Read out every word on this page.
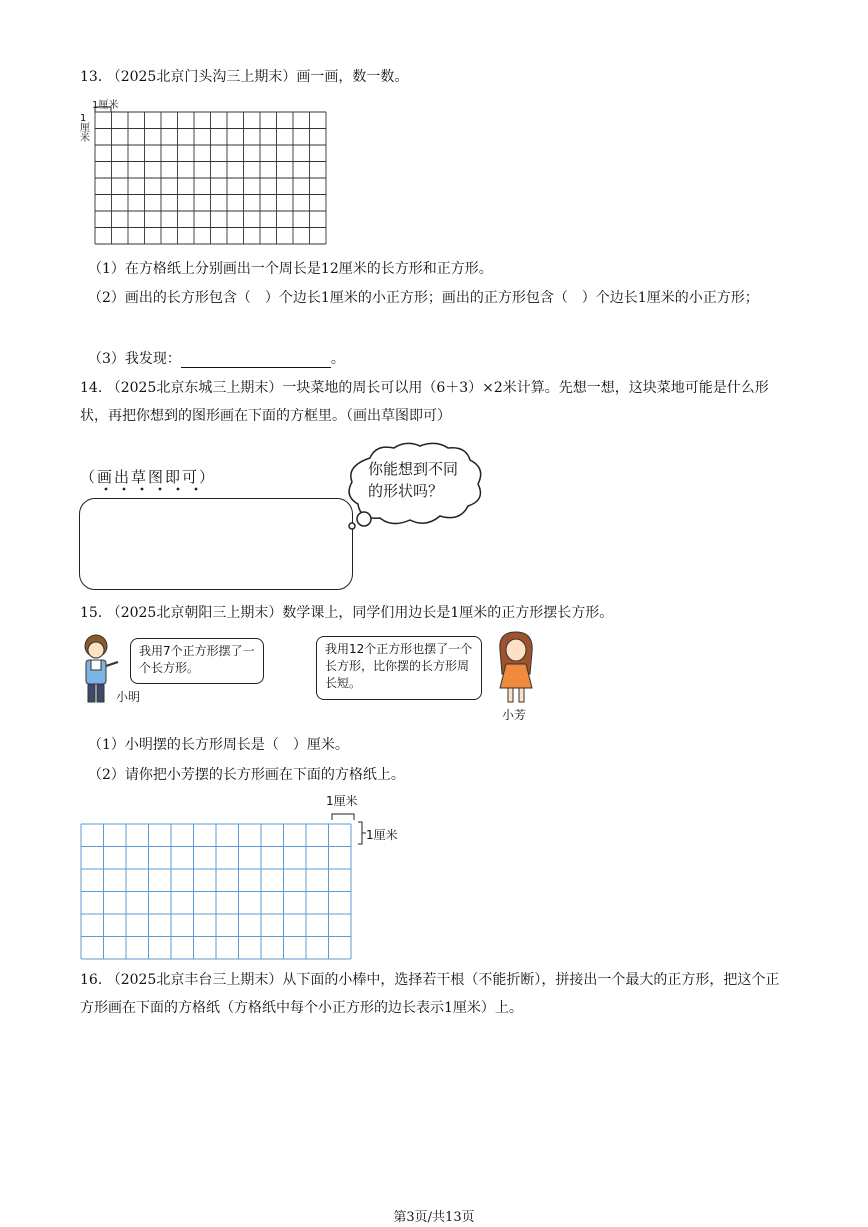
13. （2025北京门头沟三上期末）画一画，数一数。
1厘米
1厘米
（1）在方格纸上分别画出一个周长是12厘米的长方形和正方形。
（2）画出的长方形包含（　）个边长1厘米的小正方形；画出的正方形包含（　）个边长1厘米的小正方形；
（3）我发现：	。
14. （2025北京东城三上期末）一块菜地的周长可以用（6＋3）×2米计算。先想一想，这块菜地可能是什么形状，再把你想到的图形画在下面的方框里。（画出草图即可）
（画出草图即可）	你能想到不同的形状吗？
15. （2025北京朝阳三上期末）数学课上，同学们用边长是1厘米的正方形摆长方形。
我用7个正方形摆了一个长方形。
小明
我用12个正方形也摆了一个长方形，比你摆的长方形周长短。
小芳
（1）小明摆的长方形周长是（　）厘米。
（2）请你把小芳摆的长方形画在下面的方格纸上。
1厘米
1厘米
16. （2025北京丰台三上期末）从下面的小棒中，选择若干根（不能折断），拼接出一个最大的正方形，把这个正方形画在下面的方格纸（方格纸中每个小正方形的边长表示1厘米）上。
第3页/共13页
